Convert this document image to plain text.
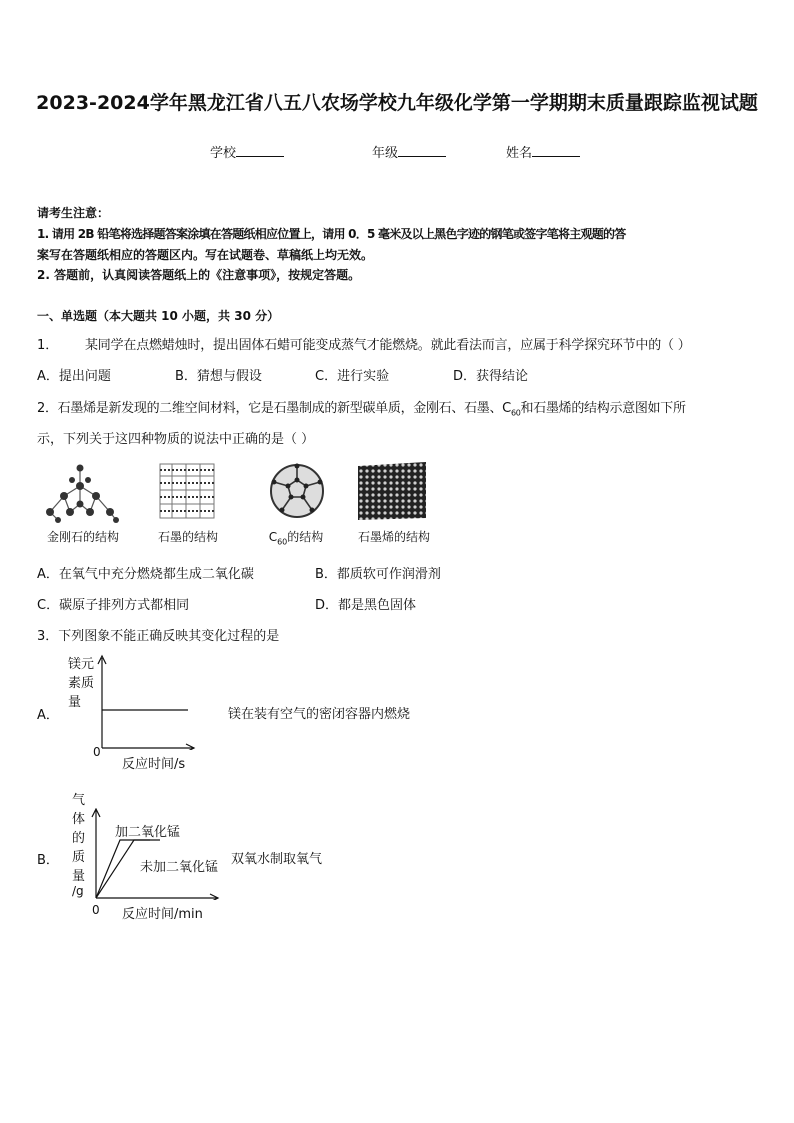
2023-2024学年黑龙江省八五八农场学校九年级化学第一学期期末质量跟踪监视试题
学校	年级	姓名
请考生注意：
1. 请用 2B 铅笔将选择题答案涂填在答题纸相应位置上，请用 0．5 毫米及以上黑色字迹的钢笔或签字笔将主观题的答
案写在答题纸相应的答题区内。写在试题卷、草稿纸上均无效。
2. 答题前，认真阅读答题纸上的《注意事项》，按规定答题。
一、单选题（本大题共 10 小题，共 30 分）
1． 某同学在点燃蜡烛时，提出固体石蜡可能变成蒸气才能燃烧。就此看法而言，应属于科学探究环节中的（ ）
A．提出问题	B．猜想与假设	C．进行实验	D．获得结论
2．石墨烯是新发现的二维空间材料，它是石墨制成的新型碳单质，金刚石、石墨、$C_{60}$和石墨烯的结构示意图如下所
示，下列关于这四种物质的说法中正确的是（ ）
金刚石的结构	石墨的结构	$C_{60}$的结构	石墨烯的结构
A．在氧气中充分燃烧都生成二氧化碳	B．都质软可作润滑剂
C．碳原子排列方式都相同	D．都是黑色固体
3．下列图象不能正确反映其变化过程的是
A．
镁元
素质
量
0
反应时间/s
镁在装有空气的密闭容器内燃烧
B．
气
体
的
质
量
/g
加二氧化锰
未加二氧化锰
双氧水制取氧气
0 反应时间/min
